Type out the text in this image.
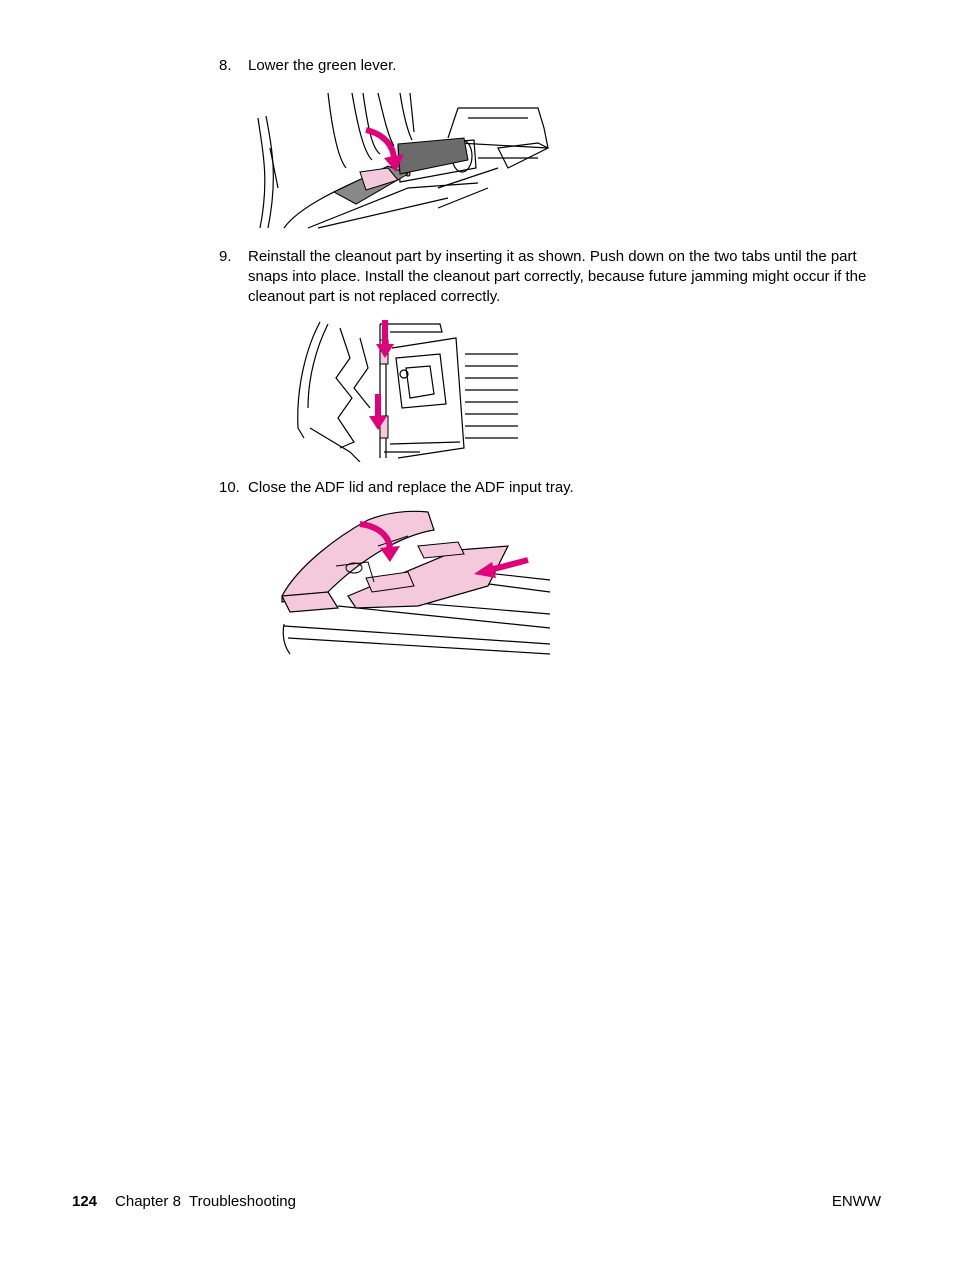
8.	Lower the green lever.
9.	Reinstall the cleanout part by inserting it as shown. Push down on the two tabs until the part snaps into place. Install the cleanout part correctly, because future jamming might occur if the cleanout part is not replaced correctly.
10. Close the ADF lid and replace the ADF input tray.
124 Chapter 8  Troubleshooting	ENWW
